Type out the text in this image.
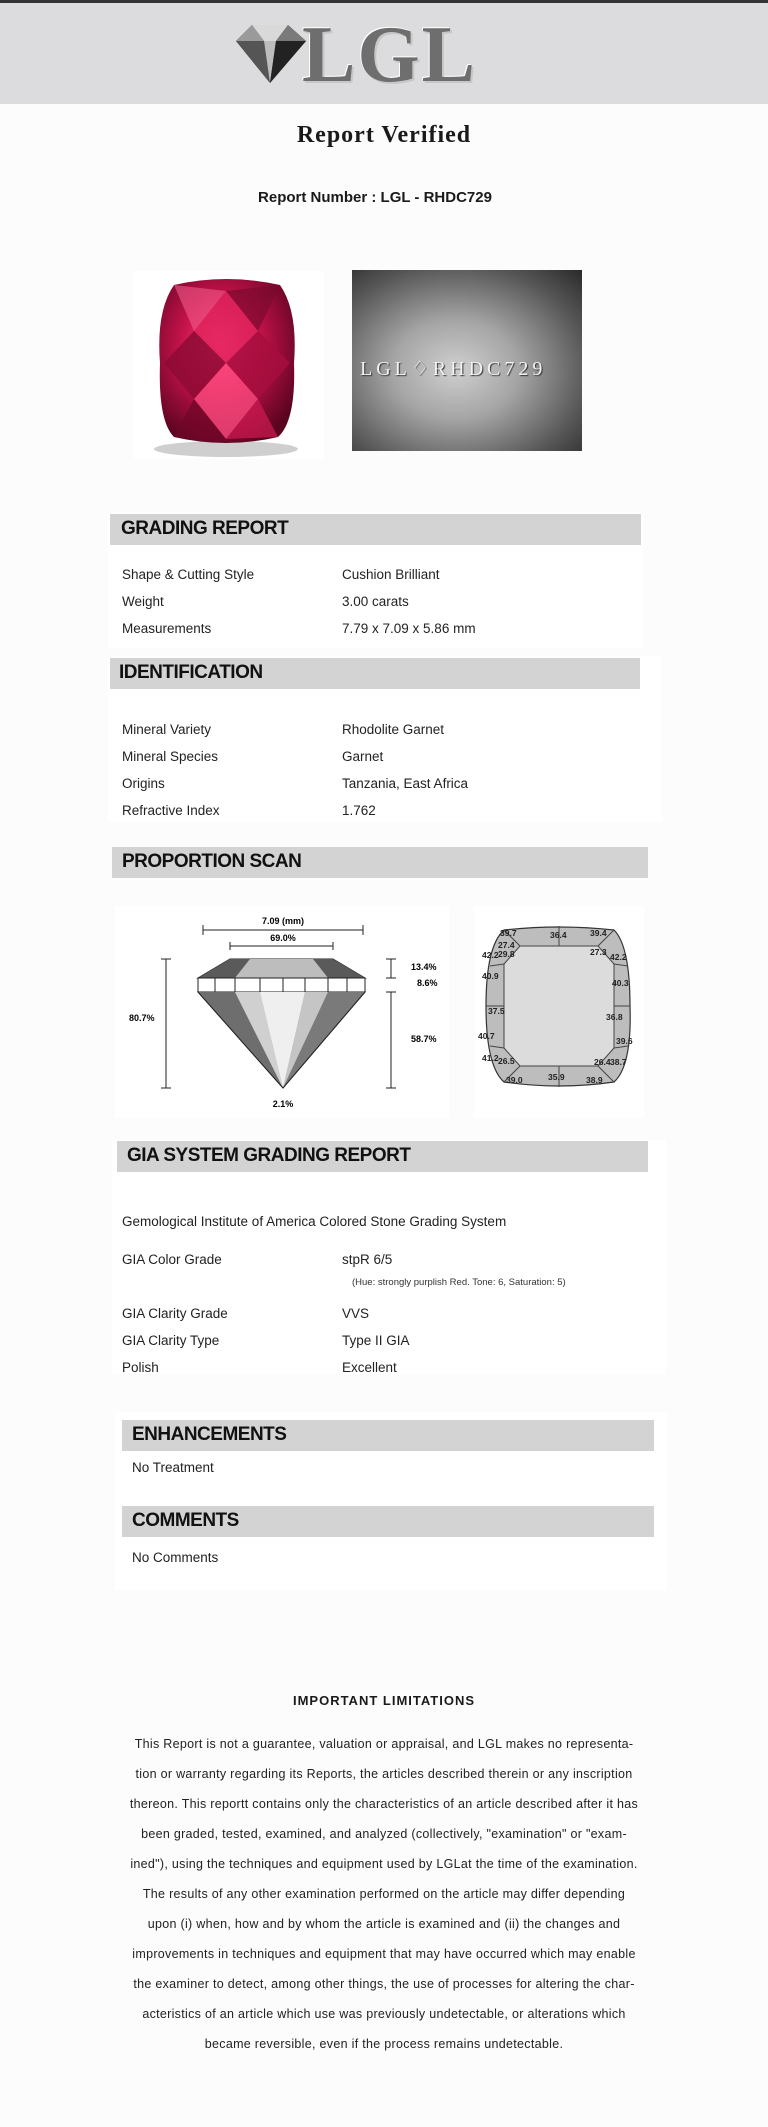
LGL
Report Verified
Report Number : LGL - RHDC729
LGL♢RHDC729
GRADING REPORT
Shape & Cutting Style	Cushion Brilliant
Weight	3.00 carats
Measurements	7.79 x 7.09 x 5.86 mm
IDENTIFICATION
Mineral Variety	Rhodolite Garnet
Mineral Species	Garnet
Origins	Tanzania, East Africa
Refractive Index	1.762
PROPORTION SCAN
7.09 (mm)
69.0%
80.7%
13.4%
8.6%
58.7%
2.1%
39.7	36.4	39.4
27.4
27.3 42.2
29.8
42.2
40.9
40.3
37.5
36.8
40.7	39.6
41.2 26.5	26.4 38.7
39.0	35.9	38.9
GIA SYSTEM GRADING REPORT
Gemological Institute of America Colored Stone Grading System
GIA Color Grade	stpR 6/5
(Hue: strongly purplish Red. Tone: 6, Saturation: 5)
GIA Clarity Grade	VVS
GIA Clarity Type	Type II GIA
Polish	Excellent
ENHANCEMENTS
No Treatment
COMMENTS
No Comments
IMPORTANT LIMITATIONS
This Report is not a guarantee, valuation or appraisal, and LGL makes no representa-
tion or warranty regarding its Reports, the articles described therein or any inscription
thereon. This reportt contains only the characteristics of an article described after it has
been graded, tested, examined, and analyzed (collectively, "examination" or "exam-
ined"), using the techniques and equipment used by LGLat the time of the examination.
The results of any other examination performed on the article may differ depending
upon (i) when, how and by whom the article is examined and (ii) the changes and
improvements in techniques and equipment that may have occurred which may enable
the examiner to detect, among other things, the use of processes for altering the char-
acteristics of an article which use was previously undetectable, or alterations which
became reversible, even if the process remains undetectable.
